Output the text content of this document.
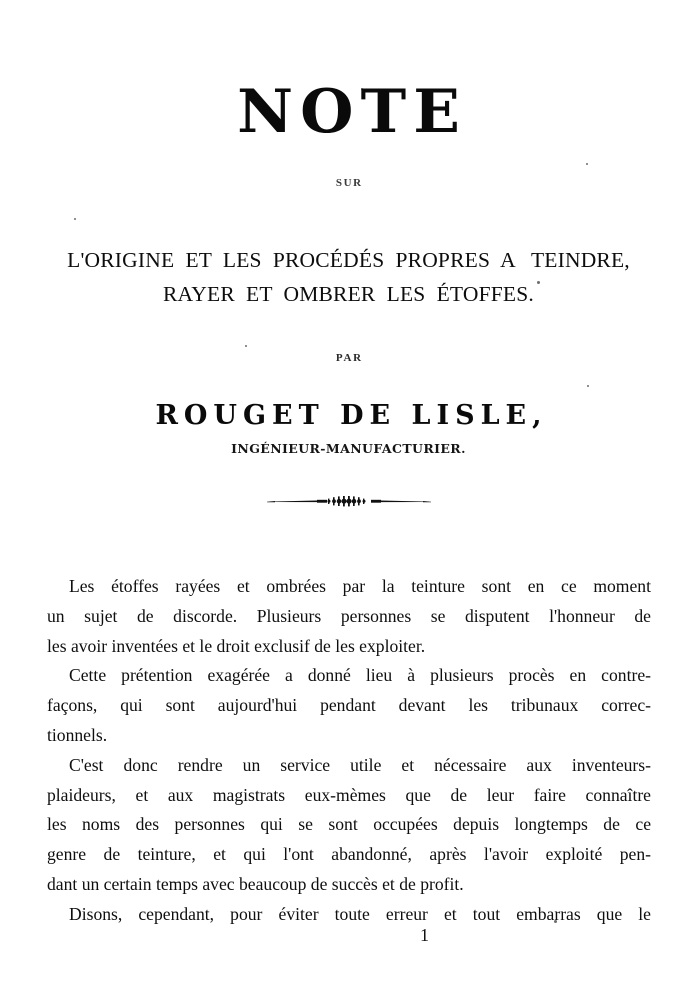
NOTE
SUR
L'ORIGINE  ET  LES  PROCÉDÉS  PROPRES  A   TEINDRE,
RAYER  ET  OMBRER  LES  ÉTOFFES.
PAR
ROUGET DE LISLE,
INGÉNIEUR-MANUFACTURIER.

Les étoffes rayées et ombrées par la teinture sont en ce moment
un sujet de discorde. Plusieurs personnes se disputent l'honneur de
les avoir inventées et le droit exclusif de les exploiter.

Cette prétention exagérée a donné lieu à plusieurs procès en contre-
façons, qui sont aujourd'hui pendant devant les tribunaux correc-
tionnels.

C'est donc rendre un service utile et nécessaire aux inventeurs-
plaideurs, et aux magistrats eux-mèmes que de leur faire connaître
les noms des personnes qui se sont occupées depuis longtemps de ce
genre de teinture, et qui l'ont abandonné, après l'avoir exploité pen-
dant un certain temps avec beaucoup de succès et de profit.

Disons, cependant, pour éviter toute erreur et tout embarras que le

1
